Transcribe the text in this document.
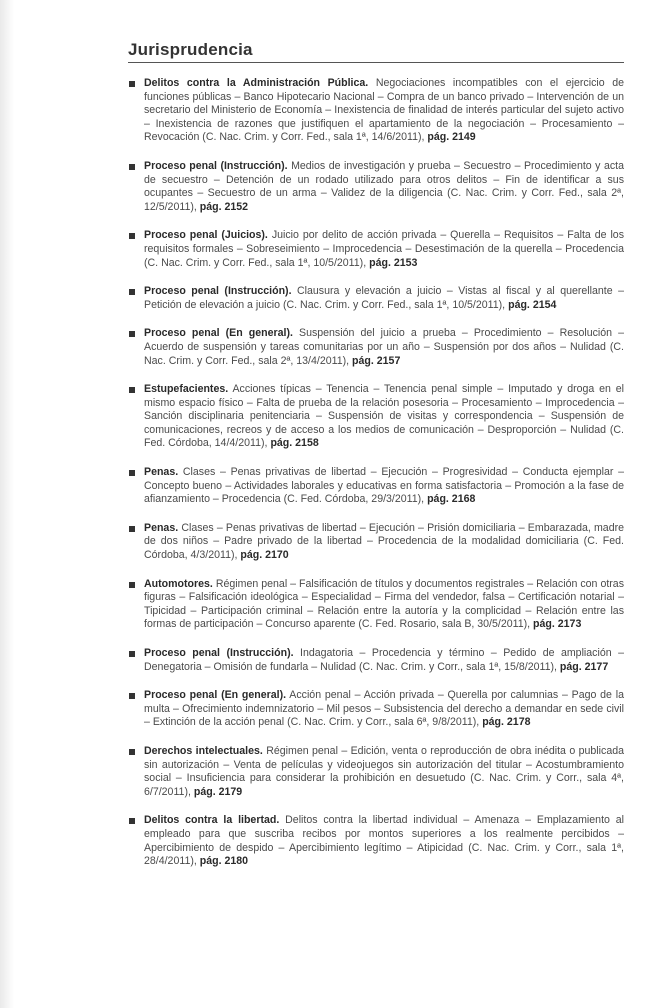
Jurisprudencia
Delitos contra la Administración Pública. Negociaciones incompatibles con el ejercicio de funciones públicas – Banco Hipotecario Nacional – Compra de un banco privado – Intervención de un secretario del Ministerio de Economía – Inexistencia de finalidad de interés particular del sujeto activo – Inexistencia de razones que justifiquen el apartamiento de la negociación – Procesamiento – Revocación (C. Nac. Crim. y Corr. Fed., sala 1ª, 14/6/2011), pág. 2149
Proceso penal (Instrucción). Medios de investigación y prueba – Secuestro – Procedimiento y acta de secuestro – Detención de un rodado utilizado para otros delitos – Fin de identificar a sus ocupantes – Secuestro de un arma – Validez de la diligencia (C. Nac. Crim. y Corr. Fed., sala 2ª, 12/5/2011), pág. 2152
Proceso penal (Juicios). Juicio por delito de acción privada – Querella – Requisitos – Falta de los requisitos formales – Sobreseimiento – Improcedencia – Desestimación de la querella – Procedencia (C. Nac. Crim. y Corr. Fed., sala 1ª, 10/5/2011), pág. 2153
Proceso penal (Instrucción). Clausura y elevación a juicio – Vistas al fiscal y al querellante – Petición de elevación a juicio (C. Nac. Crim. y Corr. Fed., sala 1ª, 10/5/2011), pág. 2154
Proceso penal (En general). Suspensión del juicio a prueba – Procedimiento – Resolución – Acuerdo de suspensión y tareas comunitarias por un año – Suspensión por dos años – Nulidad (C. Nac. Crim. y Corr. Fed., sala 2ª, 13/4/2011), pág. 2157
Estupefacientes. Acciones típicas – Tenencia – Tenencia penal simple – Imputado y droga en el mismo espacio físico – Falta de prueba de la relación posesoria – Procesamiento – Improcedencia – Sanción disciplinaria penitenciaria – Suspensión de visitas y correspondencia – Suspensión de comunicaciones, recreos y de acceso a los medios de comunicación – Desproporción – Nulidad (C. Fed. Córdoba, 14/4/2011), pág. 2158
Penas. Clases – Penas privativas de libertad – Ejecución – Progresividad – Conducta ejemplar – Concepto bueno – Actividades laborales y educativas en forma satisfactoria – Promoción a la fase de afianzamiento – Procedencia (C. Fed. Córdoba, 29/3/2011), pág. 2168
Penas. Clases – Penas privativas de libertad – Ejecución – Prisión domiciliaria – Embarazada, madre de dos niños – Padre privado de la libertad – Procedencia de la modalidad domiciliaria (C. Fed. Córdoba, 4/3/2011), pág. 2170
Automotores. Régimen penal – Falsificación de títulos y documentos registrales – Relación con otras figuras – Falsificación ideológica – Especialidad – Firma del vendedor, falsa – Certificación notarial – Tipicidad – Participación criminal – Relación entre la autoría y la complicidad – Relación entre las formas de participación – Concurso aparente (C. Fed. Rosario, sala B, 30/5/2011), pág. 2173
Proceso penal (Instrucción). Indagatoria – Procedencia y término – Pedido de ampliación – Denegatoria – Omisión de fundarla – Nulidad (C. Nac. Crim. y Corr., sala 1ª, 15/8/2011), pág. 2177
Proceso penal (En general). Acción penal – Acción privada – Querella por calumnias – Pago de la multa – Ofrecimiento indemnizatorio – Mil pesos – Subsistencia del derecho a demandar en sede civil – Extinción de la acción penal (C. Nac. Crim. y Corr., sala 6ª, 9/8/2011), pág. 2178
Derechos intelectuales. Régimen penal – Edición, venta o reproducción de obra inédita o publicada sin autorización – Venta de películas y videojuegos sin autorización del titular – Acostumbramiento social – Insuficiencia para considerar la prohibición en desuetudo (C. Nac. Crim. y Corr., sala 4ª, 6/7/2011), pág. 2179
Delitos contra la libertad. Delitos contra la libertad individual – Amenaza – Emplazamiento al empleado para que suscriba recibos por montos superiores a los realmente percibidos – Apercibimiento de despido – Apercibimiento legítimo – Atipicidad (C. Nac. Crim. y Corr., sala 1ª, 28/4/2011), pág. 2180
